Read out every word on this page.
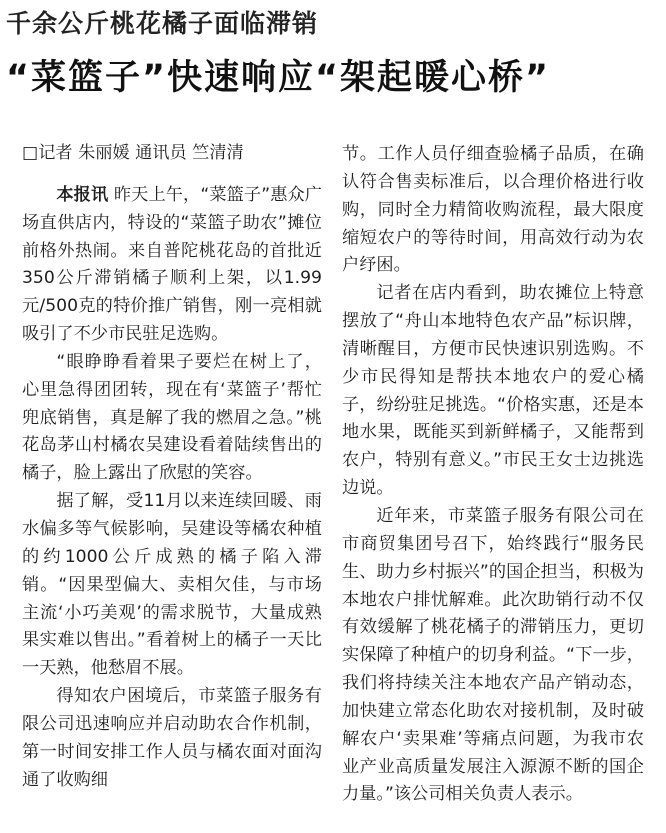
千余公斤桃花橘子面临滞销
“菜篮子”快速响应“架起暖心桥”

□记者 朱丽媛 通讯员 竺清清

本报讯 昨天上午，“菜篮子”惠众广场直供店内，特设的“菜篮子助农”摊位前格外热闹。来自普陀桃花岛的首批近350公斤滞销橘子顺利上架，以1.99元/500克的特价推广销售，刚一亮相就吸引了不少市民驻足选购。

“眼睁睁看着果子要烂在树上了，心里急得团团转，现在有‘菜篮子’帮忙兜底销售，真是解了我的燃眉之急。”桃花岛茅山村橘农吴建设看着陆续售出的橘子，脸上露出了欣慰的笑容。

据了解，受11月以来连续回暖、雨水偏多等气候影响，吴建设等橘农种植的约1000公斤成熟的橘子陷入滞销。“因果型偏大、卖相欠佳，与市场主流‘小巧美观’的需求脱节，大量成熟果实难以售出。”看着树上的橘子一天比一天熟，他愁眉不展。

得知农户困境后，市菜篮子服务有限公司迅速响应并启动助农合作机制，第一时间安排工作人员与橘农面对面沟通了收购细

节。工作人员仔细查验橘子品质，在确认符合售卖标准后，以合理价格进行收购，同时全力精简收购流程，最大限度缩短农户的等待时间，用高效行动为农户纾困。

记者在店内看到，助农摊位上特意摆放了“舟山本地特色农产品”标识牌，清晰醒目，方便市民快速识别选购。不少市民得知是帮扶本地农户的爱心橘子，纷纷驻足挑选。“价格实惠，还是本地水果，既能买到新鲜橘子，又能帮到农户，特别有意义。”市民王女士边挑选边说。

近年来，市菜篮子服务有限公司在市商贸集团号召下，始终践行“服务民生、助力乡村振兴”的国企担当，积极为本地农户排忧解难。此次助销行动不仅有效缓解了桃花橘子的滞销压力，更切实保障了种植户的切身利益。“下一步，我们将持续关注本地农产品产销动态，加快建立常态化助农对接机制，及时破解农户‘卖果难’等痛点问题，为我市农业产业高质量发展注入源源不断的国企力量。”该公司相关负责人表示。
